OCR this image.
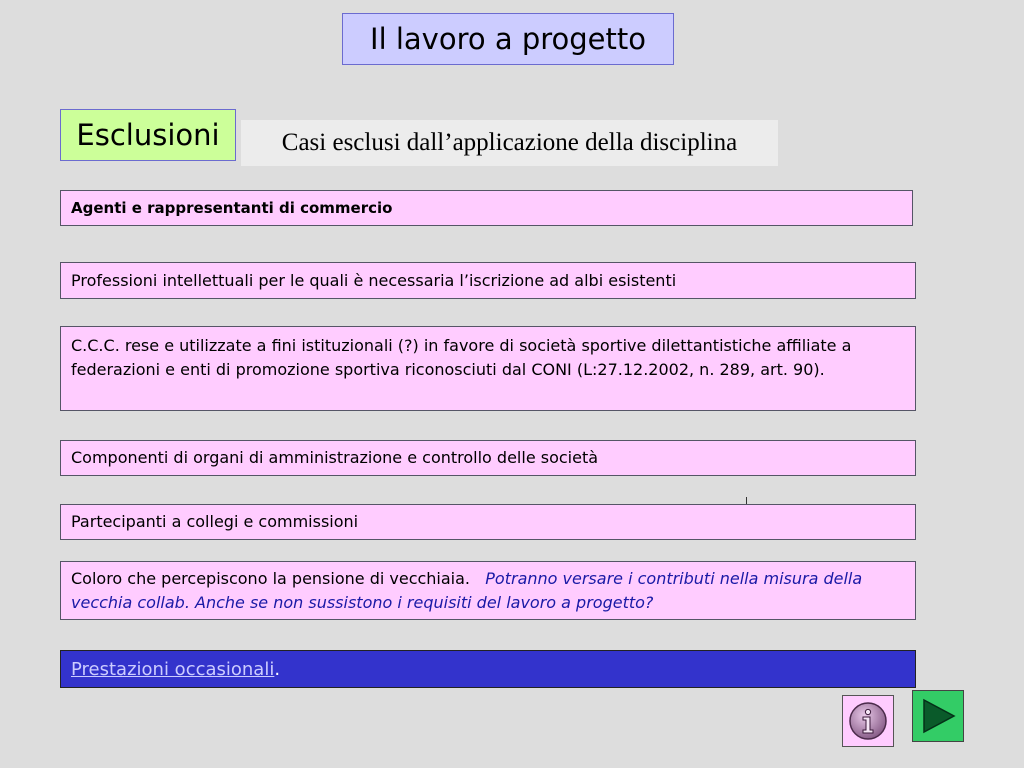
Il lavoro a progetto
Esclusioni	Casi esclusi dall’applicazione della disciplina
Agenti e rappresentanti di commercio
Professioni intellettuali per le quali è necessaria l’iscrizione ad albi esistenti
C.C.C. rese e utilizzate a fini istituzionali (?) in favore di società sportive dilettantistiche affiliate a federazioni e enti di promozione sportiva riconosciuti dal CONI (L:27.12.2002, n. 289, art. 90).
Componenti di organi di amministrazione e controllo delle società
Partecipanti a collegi e commissioni
Coloro che percepiscono la pensione di vecchiaia. Potranno versare i contributi nella misura della vecchia collab. Anche se non sussistono i requisiti del lavoro a progetto?
Prestazioni occasionali .
